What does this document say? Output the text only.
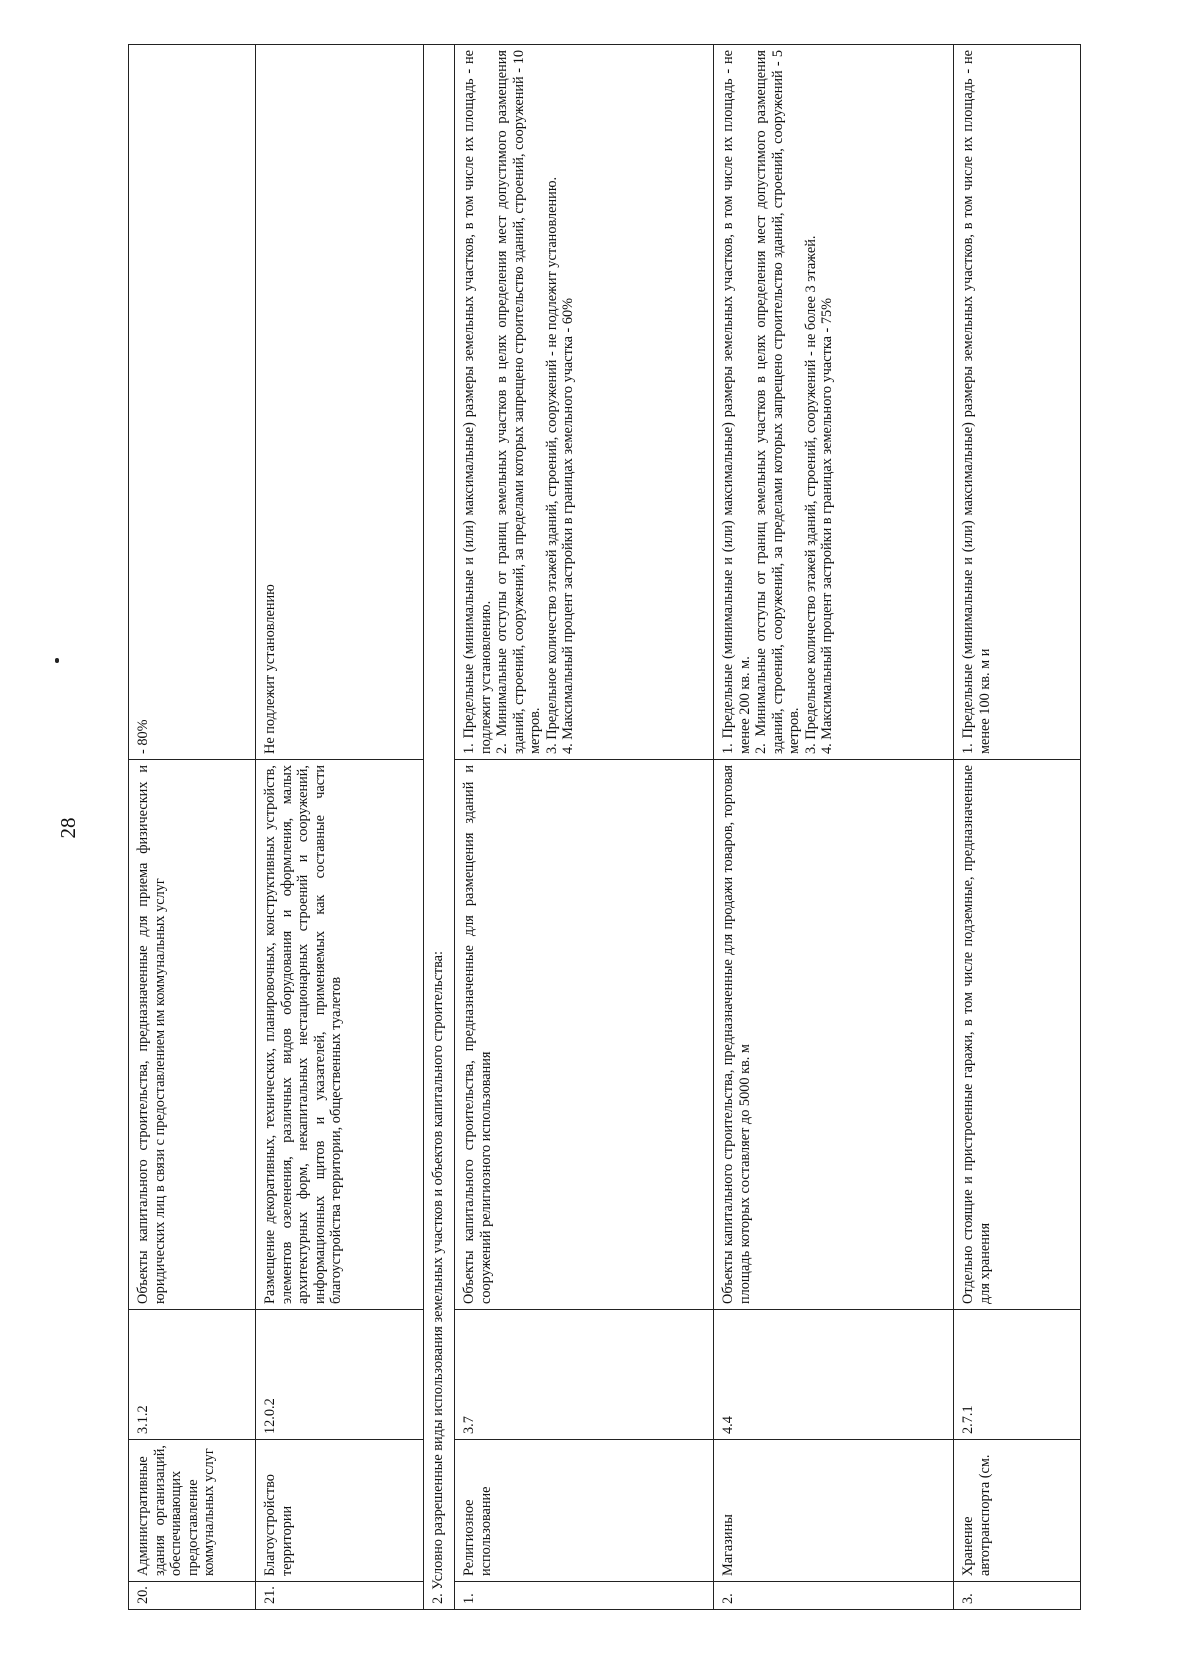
28
20.	Административные здания организаций, обеспечивающих предоставление коммунальных услуг	3.1.2	Объекты капитального строительства, предназначенные для приема физических и юридических лиц в связи с предоставлением им коммунальных услуг	- 80%
21.	Благоустройство территории	12.0.2	Размещение декоративных, технических, планировочных, конструктивных устройств, элементов озеленения, различных видов оборудования и оформления, малых архитектурных форм, некапитальных нестационарных строений и сооружений, информационных щитов и указателей, применяемых как составные части благоустройства территории, общественных туалетов	Не подлежит установлению
2. Условно разрешенные виды использования земельных участков и объектов капитального строительства:				
1.	Религиозное использование	3.7	Объекты капитального строительства, предназначенные для размещения зданий и сооружений религиозного использования	1. Предельные (минимальные и (или) максимальные) размеры земельных участков, в том числе их площадь - не подлежит установлению. 2. Минимальные отступы от границ земельных участков в целях определения мест допустимого размещения зданий, строений, сооружений, за пределами которых запрещено строительство зданий, строений, сооружений - 10 метров. 3. Предельное количество этажей зданий, строений, сооружений - не подлежит установлению. 4. Максимальный процент застройки в границах земельного участка - 60%

2.	Магазины	4.4	Объекты капитального строительства, предназначенные для продажи товаров, торговая площадь которых составляет до 5000 кв. м	1. Предельные (минимальные и (или) максимальные) размеры земельных участков, в том числе их площадь - не менее 200 кв. м. 2. Минимальные отступы от границ земельных участков в целях определения мест допустимого размещения зданий, строений, сооружений, за пределами которых запрещено строительство зданий, строений, сооружений - 5 метров. 3. Предельное количество этажей зданий, строений, сооружений - не более 3 этажей. 4. Максимальный процент застройки в границах земельного участка - 75%

3.	Хранение автотранспорта (см.	2.7.1	Отдельно стоящие и пристроенные гаражи, в том числе подземные, предназначенные для хранения	1. Предельные (минимальные и (или) максимальные) размеры земельных участков, в том числе их площадь - не менее 100 кв. м и
